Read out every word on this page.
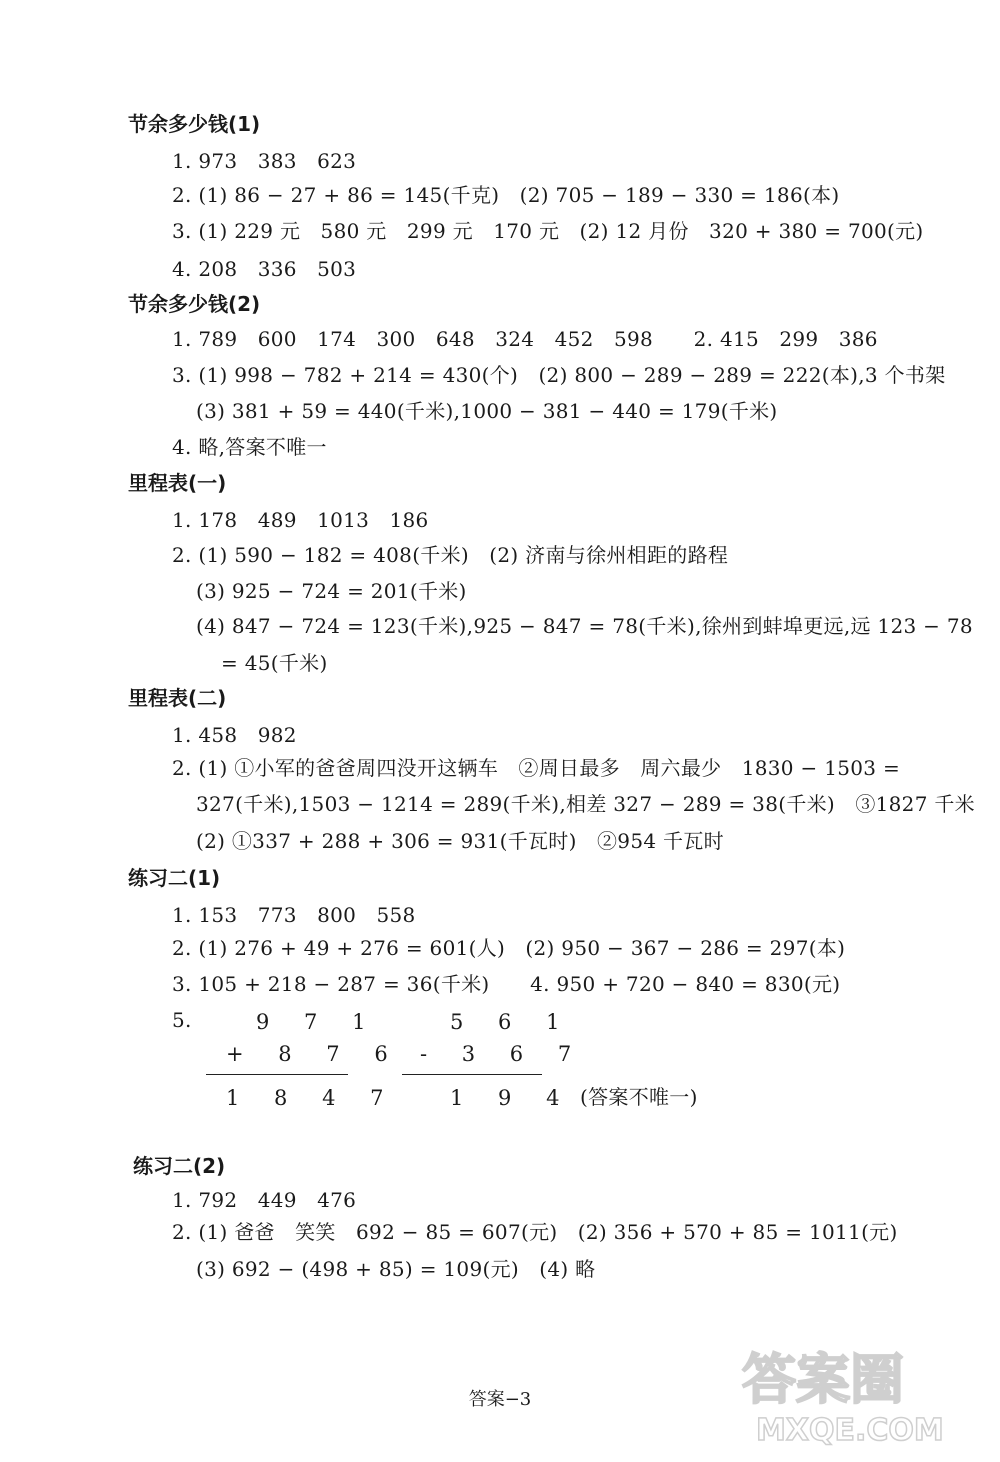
节余多少钱(1)
1. 973　383　623
2. (1) 86 − 27 + 86 = 145(千克)　(2) 705 − 189 − 330 = 186(本)
3. (1) 229 元　580 元　299 元　170 元　(2) 12 月份　320 + 380 = 700(元)
4. 208　336　503
节余多少钱(2)
1. 789　600　174　300　648　324　452　598　　2. 415　299　386
3. (1) 998 − 782 + 214 = 430(个)　(2) 800 − 289 − 289 = 222(本),3 个书架
(3) 381 + 59 = 440(千米),1000 − 381 − 440 = 179(千米)
4. 略,答案不唯一
里程表(一)
1. 178　489　1013　186
2. (1) 590 − 182 = 408(千米)　(2) 济南与徐州相距的路程
(3) 925 − 724 = 201(千米)
(4) 847 − 724 = 123(千米),925 − 847 = 78(千米),徐州到蚌埠更远,远 123 − 78
= 45(千米)
里程表(二)
1. 458　982
2. (1) ①小军的爸爸周四没开这辆车　②周日最多　周六最少　1830 − 1503 =
327(千米),1503 − 1214 = 289(千米),相差 327 − 289 = 38(千米)　③1827 千米
(2) ①337 + 288 + 306 = 931(千瓦时)　②954 千瓦时
练习二(1)
1. 153　773　800　558
2. (1) 276 + 49 + 276 = 601(人)　(2) 950 − 367 − 286 = 297(本)
3. 105 + 218 − 287 = 36(千米)　　4. 950 + 720 − 840 = 830(元)
5.	9 7 1
+ 8 7 6
1 8 4 7
5 6 1
- 3 6 7
1 9 4 (答案不唯一)
练习二(2)
1. 792　449　476
2. (1) 爸爸　笑笑　692 − 85 = 607(元)　(2) 356 + 570 + 85 = 1011(元)
(3) 692 − (498 + 85) = 109(元)　(4) 略
答案−3	答案圈
MXQE.COM
